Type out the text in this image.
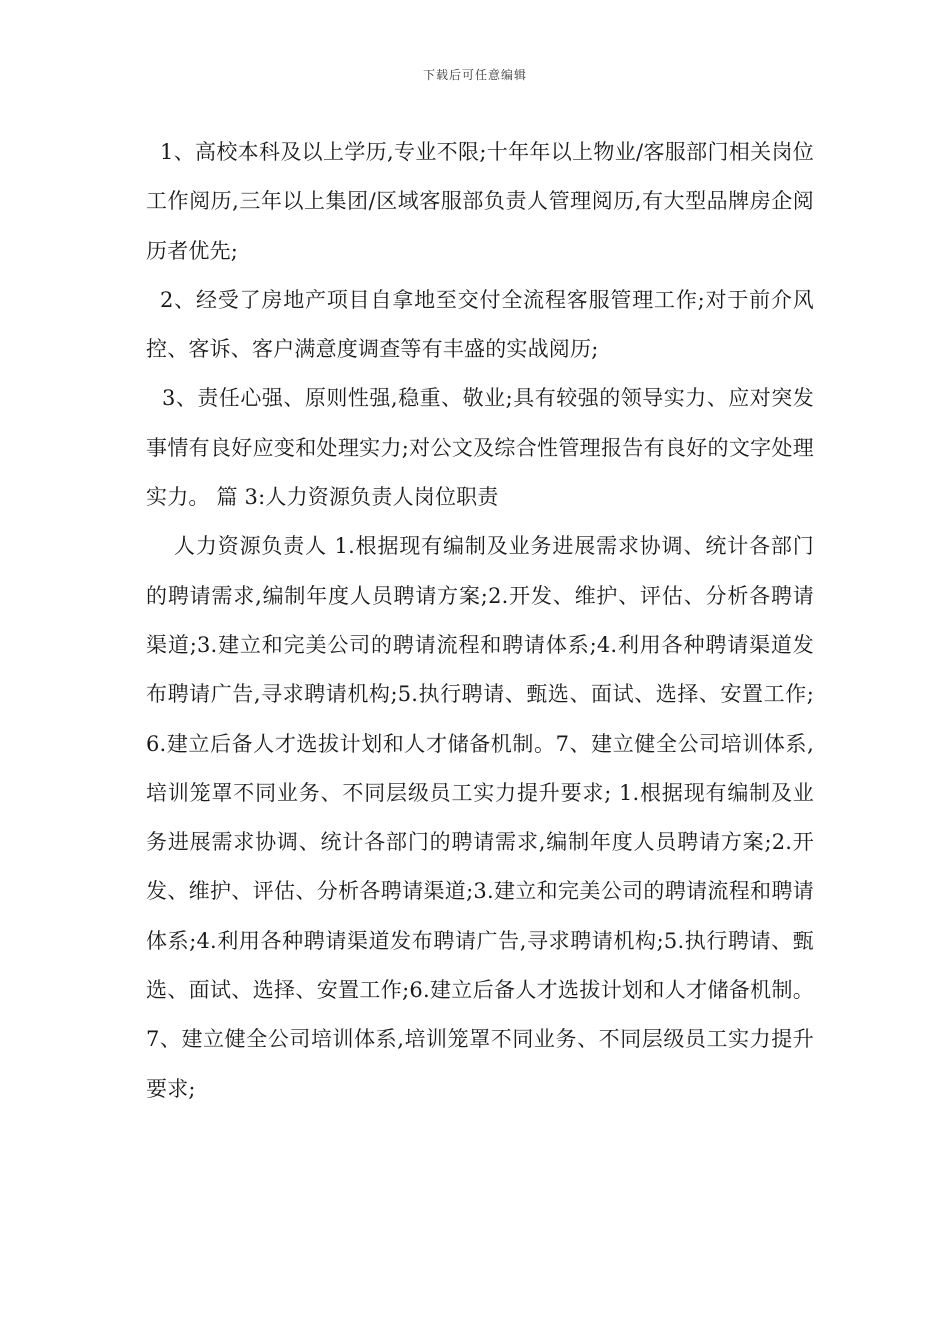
下载后可任意编辑

1、高校本科及以上学历,专业不限;十年年以上物业/客服部门相关岗位工作阅历,三年以上集团/区域客服部负责人管理阅历,有大型品牌房企阅历者优先;

2、经受了房地产项目自拿地至交付全流程客服管理工作;对于前介风控、客诉、客户满意度调查等有丰盛的实战阅历;

3、责任心强、原则性强,稳重、敬业;具有较强的领导实力、应对突发事情有良好应变和处理实力;对公文及综合性管理报告有良好的文字处理实力。 篇 3:人力资源负责人岗位职责

人力资源负责人 1.根据现有编制及业务进展需求协调、统计各部门的聘请需求,编制年度人员聘请方案;2.开发、维护、评估、分析各聘请渠道;3.建立和完美公司的聘请流程和聘请体系;4.利用各种聘请渠道发布聘请广告,寻求聘请机构;5.执行聘请、甄选、面试、选择、安置工作;6.建立后备人才选拔计划和人才储备机制。7、建立健全公司培训体系,培训笼罩不同业务、不同层级员工实力提升要求; 1.根据现有编制及业务进展需求协调、统计各部门的聘请需求,编制年度人员聘请方案;2.开发、维护、评估、分析各聘请渠道;3.建立和完美公司的聘请流程和聘请体系;4.利用各种聘请渠道发布聘请广告,寻求聘请机构;5.执行聘请、甄选、面试、选择、安置工作;6.建立后备人才选拔计划和人才储备机制。7、建立健全公司培训体系,培训笼罩不同业务、不同层级员工实力提升要求;
